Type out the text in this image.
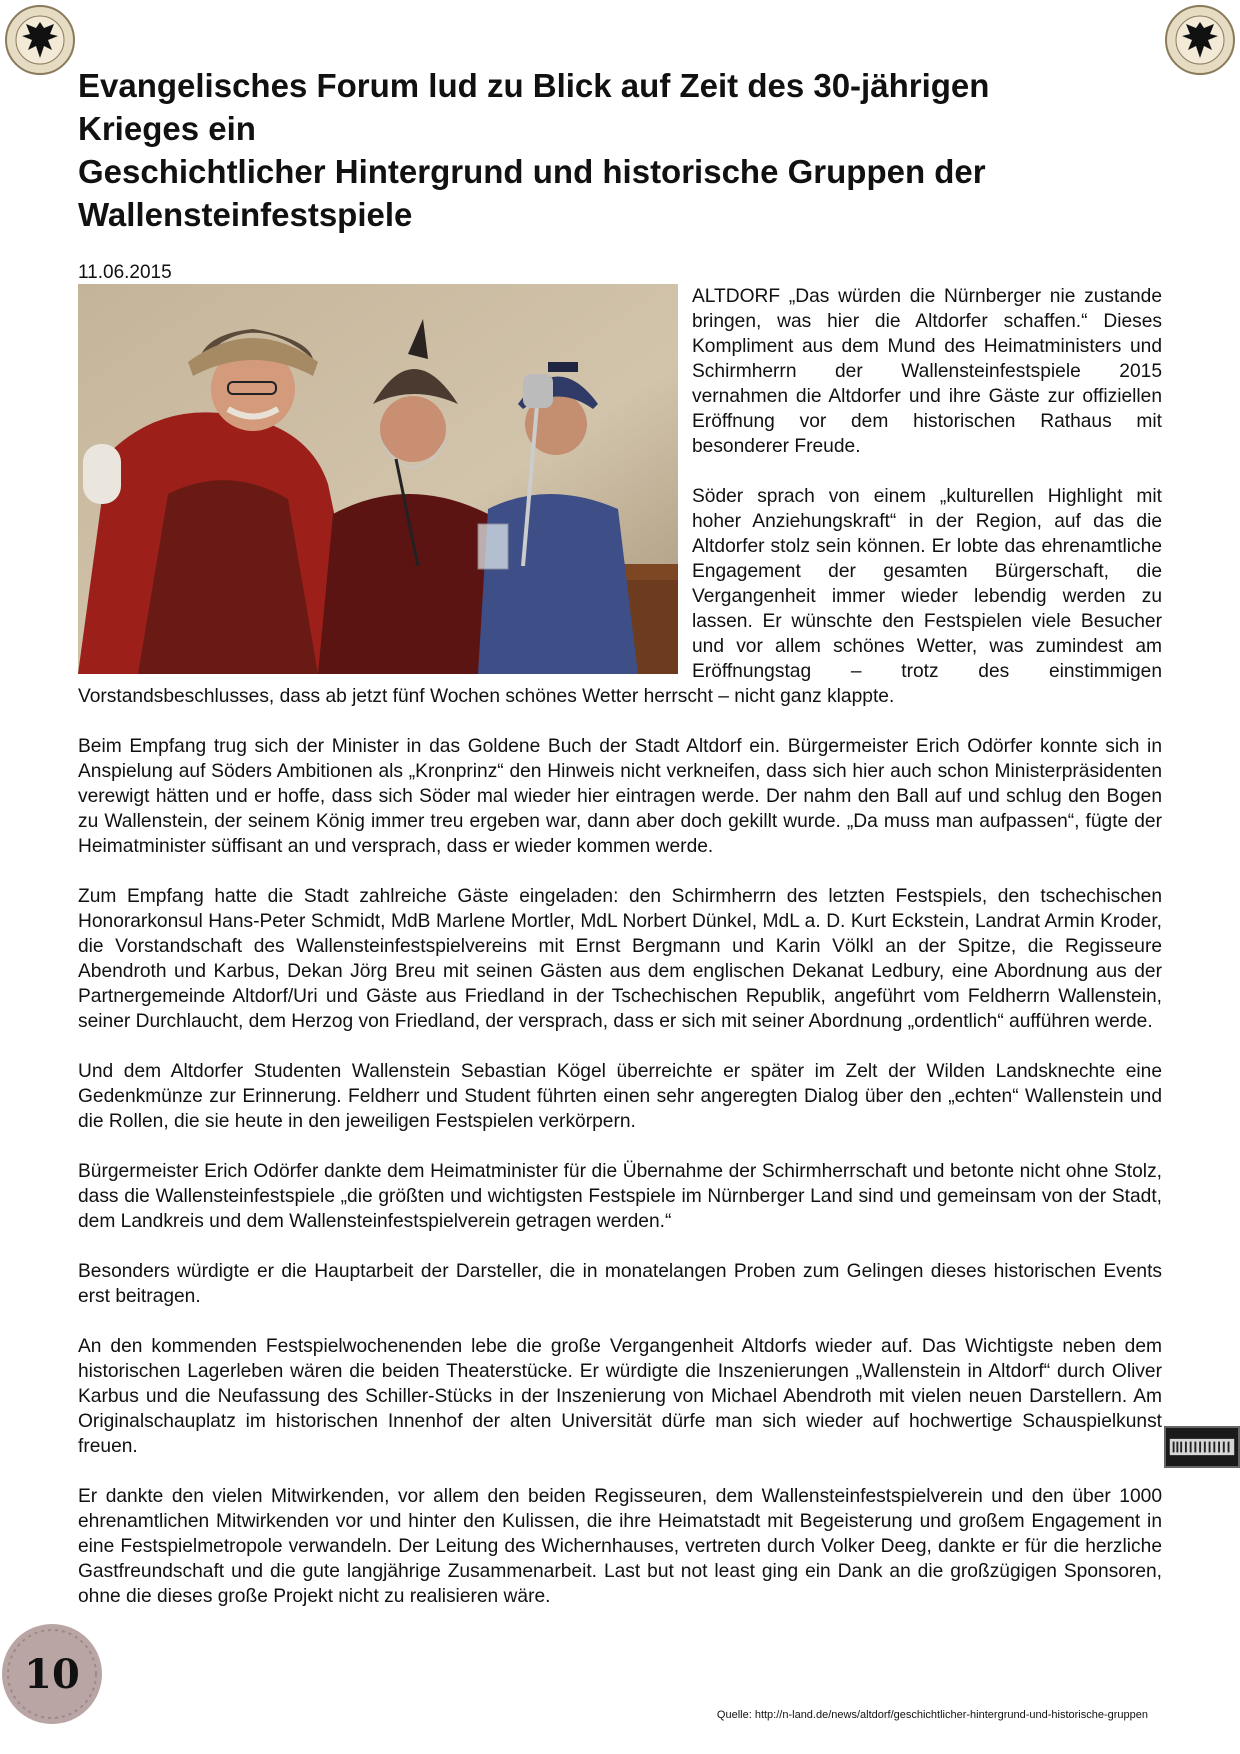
Evangelisches Forum lud zu Blick auf Zeit des 30-jährigen
Krieges ein
Geschichtlicher Hintergrund und historische Gruppen der
Wallensteinfestspiele
11.06.2015

ALTDORF „Das würden die Nürnberger nie zustande bringen, was hier die Altdorfer schaffen.“ Dieses Kompliment aus dem Mund des Heimatministers und Schirmherrn der Wallensteinfestspiele 2015 vernahmen die Altdorfer und ihre Gäste zur offiziellen Eröffnung vor dem historischen Rathaus mit besonderer Freude.

Söder sprach von einem „kulturellen Highlight mit hoher Anziehungskraft“ in der Region, auf das die Altdorfer stolz sein können. Er lobte das ehrenamtliche Engagement der gesamten Bürgerschaft, die Vergangenheit immer wieder lebendig werden zu lassen. Er wünschte den Festspielen viele Besucher und vor allem schönes Wetter, was zumindest am Eröffnungstag – trotz des einstimmigen Vorstandsbeschlusses, dass ab jetzt fünf Wochen schönes Wetter herrscht – nicht ganz klappte.

Beim Empfang trug sich der Minister in das Goldene Buch der Stadt Altdorf ein. Bürgermeister Erich Odörfer konnte sich in Anspielung auf Söders Ambitionen als „Kronprinz“ den Hinweis nicht verkneifen, dass sich hier auch schon Ministerpräsidenten verewigt hätten und er hoffe, dass sich Söder mal wieder hier eintragen werde. Der nahm den Ball auf und schlug den Bogen zu Wallenstein, der seinem König immer treu ergeben war, dann aber doch gekillt wurde. „Da muss man aufpassen“, fügte der Heimatminister süffisant an und versprach, dass er wieder kommen werde.

Zum Empfang hatte die Stadt zahlreiche Gäste eingeladen: den Schirmherrn des letzten Festspiels, den tschechischen Honorarkonsul Hans-Peter Schmidt, MdB Marlene Mortler, MdL Norbert Dünkel, MdL a. D. Kurt Eckstein, Landrat Armin Kroder, die Vorstandschaft des Wallensteinfestspielvereins mit Ernst Bergmann und Karin Völkl an der Spitze, die Regisseure Abendroth und Karbus, Dekan Jörg Breu mit seinen Gästen aus dem englischen Dekanat Ledbury, eine Abordnung aus der Partnergemeinde Altdorf/Uri und Gäste aus Friedland in der Tschechischen Republik, angeführt vom Feldherrn Wallenstein, seiner Durchlaucht, dem Herzog von Friedland, der versprach, dass er sich mit seiner Abordnung „ordentlich“ aufführen werde.

Und dem Altdorfer Studenten Wallenstein Sebastian Kögel überreichte er später im Zelt der Wilden Landsknechte eine Gedenkmünze zur Erinnerung. Feldherr und Student führten einen sehr angeregten Dialog über den „echten“ Wallenstein und die Rollen, die sie heute in den jeweiligen Festspielen verkörpern.

Bürgermeister Erich Odörfer dankte dem Heimatminister für die Übernahme der Schirmherrschaft und betonte nicht ohne Stolz, dass die Wallensteinfestspiele „die größten und wichtigsten Festspiele im Nürnberger Land sind und gemeinsam von der Stadt, dem Landkreis und dem Wallensteinfestspielverein getragen werden.“

Besonders würdigte er die Hauptarbeit der Darsteller, die in monatelangen Proben zum Gelingen dieses historischen Events erst beitragen.

An den kommenden Festspielwochenenden lebe die große Vergangenheit Altdorfs wieder auf. Das Wichtigste neben dem historischen Lagerleben wären die beiden Theaterstücke. Er würdigte die Inszenierungen „Wallenstein in Altdorf“ durch Oliver Karbus und die Neufassung des Schiller-Stücks in der Inszenierung von Michael Abendroth mit vielen neuen Darstellern. Am Originalschauplatz im historischen Innenhof der alten Universität dürfe man sich wieder auf hochwertige Schauspielkunst freuen.

Er dankte den vielen Mitwirkenden, vor allem den beiden Regisseuren, dem Wallensteinfestspielverein und den über 1000 ehrenamtlichen Mitwirkenden vor und hinter den Kulissen, die ihre Heimatstadt mit Begeisterung und großem Engagement in eine Festspielmetropole verwandeln. Der Leitung des Wichernhauses, vertreten durch Volker Deeg, dankte er für die herzliche Gastfreundschaft und die gute langjährige Zusammenarbeit. Last but not least ging ein Dank an die großzügigen Sponsoren, ohne die dieses große Projekt nicht zu realisieren wäre.

10
Quelle: http://n-land.de/news/altdorf/geschichtlicher-hintergrund-und-historische-gruppen
